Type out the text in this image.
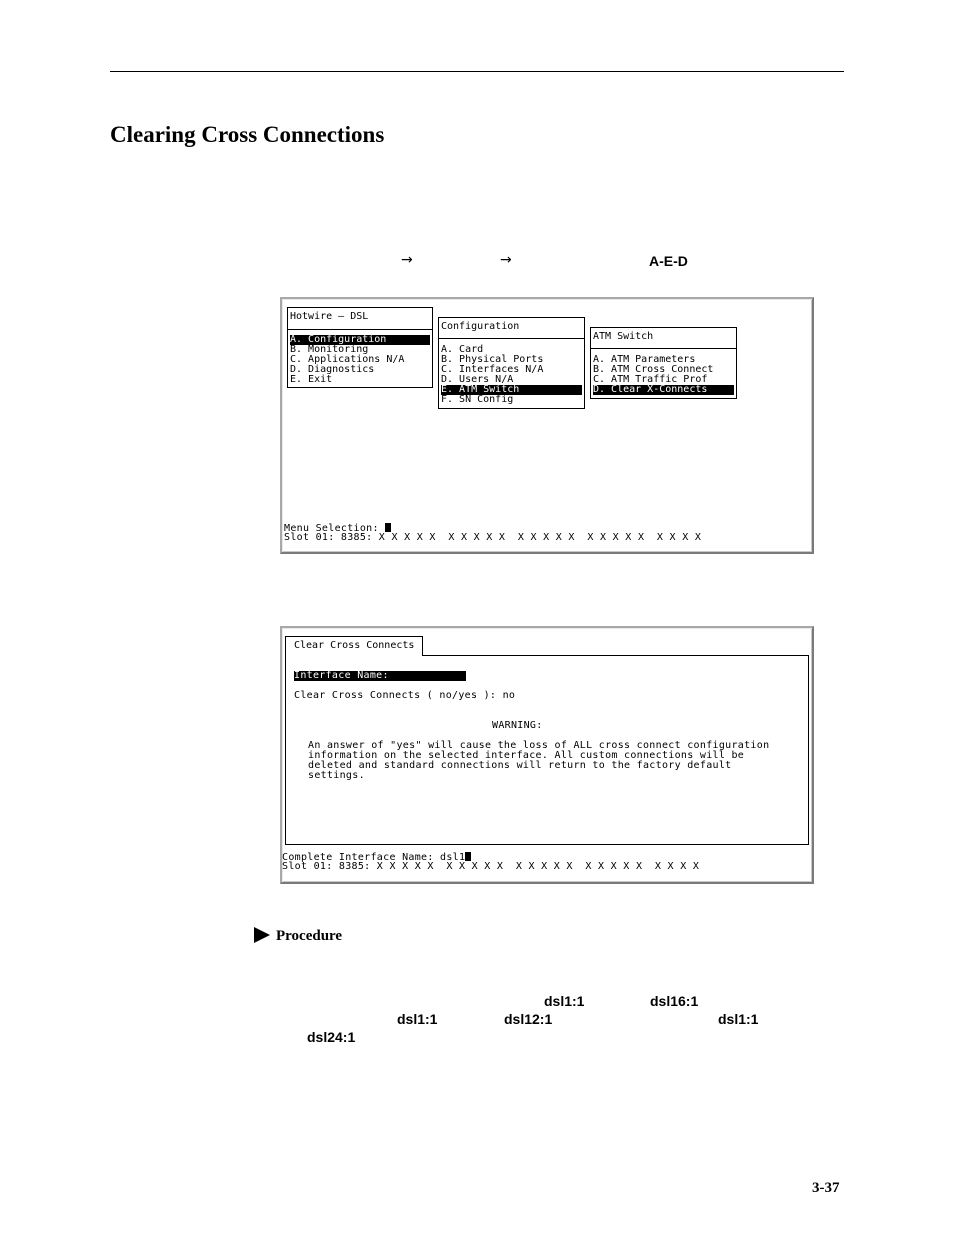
Clearing Cross Connections
→	→	A-E-D
Hotwire – DSL
A. Configuration
B. Monitoring
C. Applications N/A
D. Diagnostics
E. Exit
Configuration
A. Card
B. Physical Ports
C. Interfaces N/A
D. Users N/A
E. ATM Switch
F. SN Config
ATM Switch
A. ATM Parameters
B. ATM Cross Connect
C. ATM Traffic Prof
D. Clear X-Connects
Menu Selection:
Slot 01: 8385: X X X X X  X X X X X  X X X X X  X X X X X  X X X X
Clear Cross Connects
Interface Name:
Clear Cross Connects ( no/yes ): no
WARNING:
An answer of "yes" will cause the loss of ALL cross connect configuration
information on the selected interface. All custom connections will be
deleted and standard connections will return to the factory default
settings.
Complete Interface Name: dsl1
Slot 01: 8385: X X X X X  X X X X X  X X X X X  X X X X X  X X X X
Procedure
dsl1:1	dsl16:1
dsl1:1	dsl12:1	dsl1:1
dsl24:1
3-37
